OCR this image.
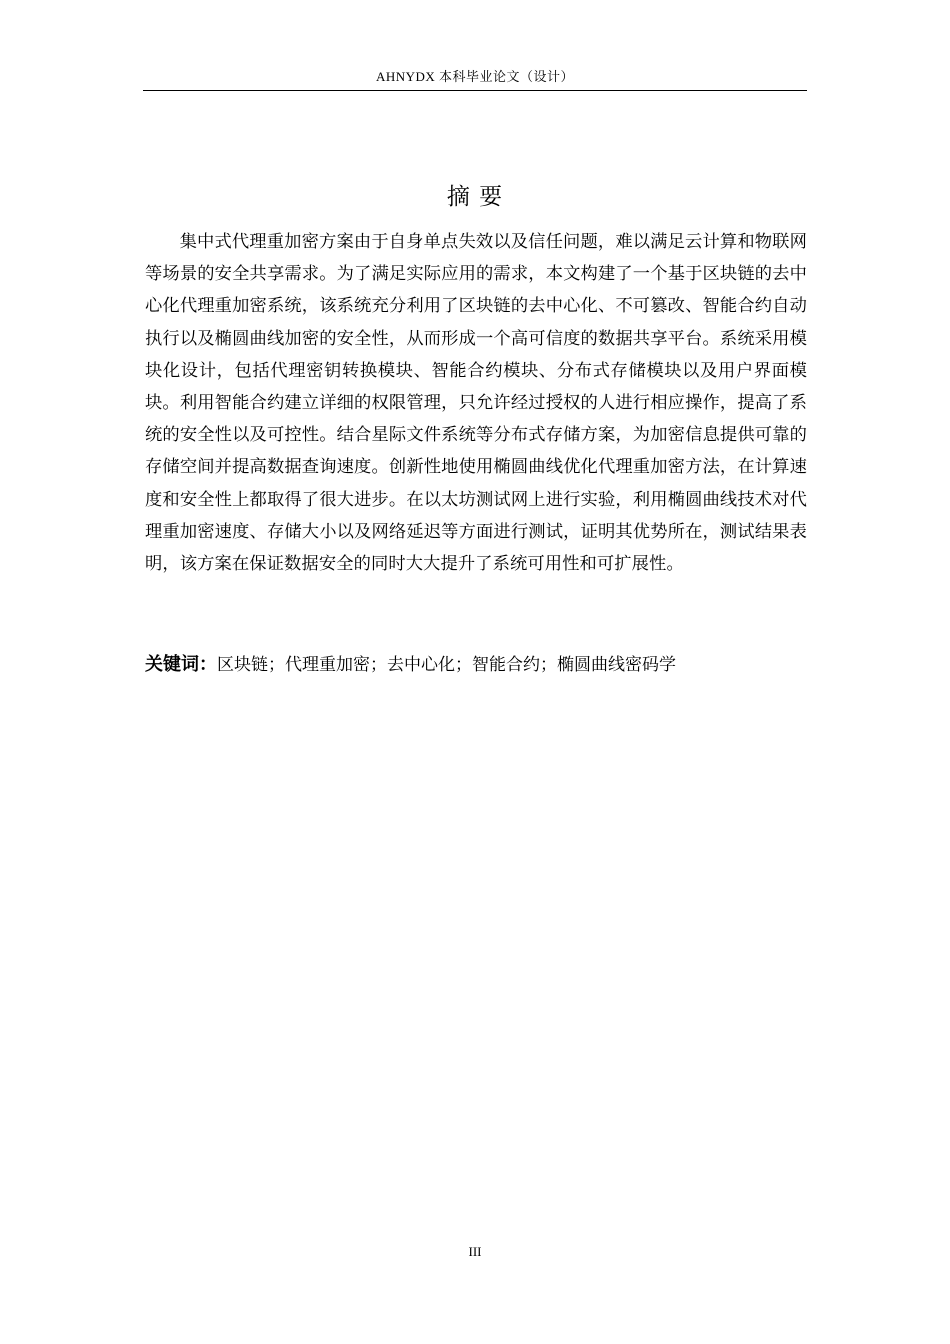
AHNYDX 本科毕业论文（设计）
摘 要

集中式代理重加密方案由于自身单点失效以及信任问题，难以满足云计算和物联网等场景的安全共享需求。为了满足实际应用的需求，本文构建了一个基于区块链的去中心化代理重加密系统，该系统充分利用了区块链的去中心化、不可篡改、智能合约自动执行以及椭圆曲线加密的安全性，从而形成一个高可信度的数据共享平台。系统采用模块化设计，包括代理密钥转换模块、智能合约模块、分布式存储模块以及用户界面模块。利用智能合约建立详细的权限管理，只允许经过授权的人进行相应操作，提高了系统的安全性以及可控性。结合星际文件系统等分布式存储方案，为加密信息提供可靠的存储空间并提高数据查询速度。创新性地使用椭圆曲线优化代理重加密方法，在计算速度和安全性上都取得了很大进步。在以太坊测试网上进行实验，利用椭圆曲线技术对代理重加密速度、存储大小以及网络延迟等方面进行测试，证明其优势所在，测试结果表明，该方案在保证数据安全的同时大大提升了系统可用性和可扩展性。

关键词：区块链；代理重加密；去中心化；智能合约；椭圆曲线密码学
III
